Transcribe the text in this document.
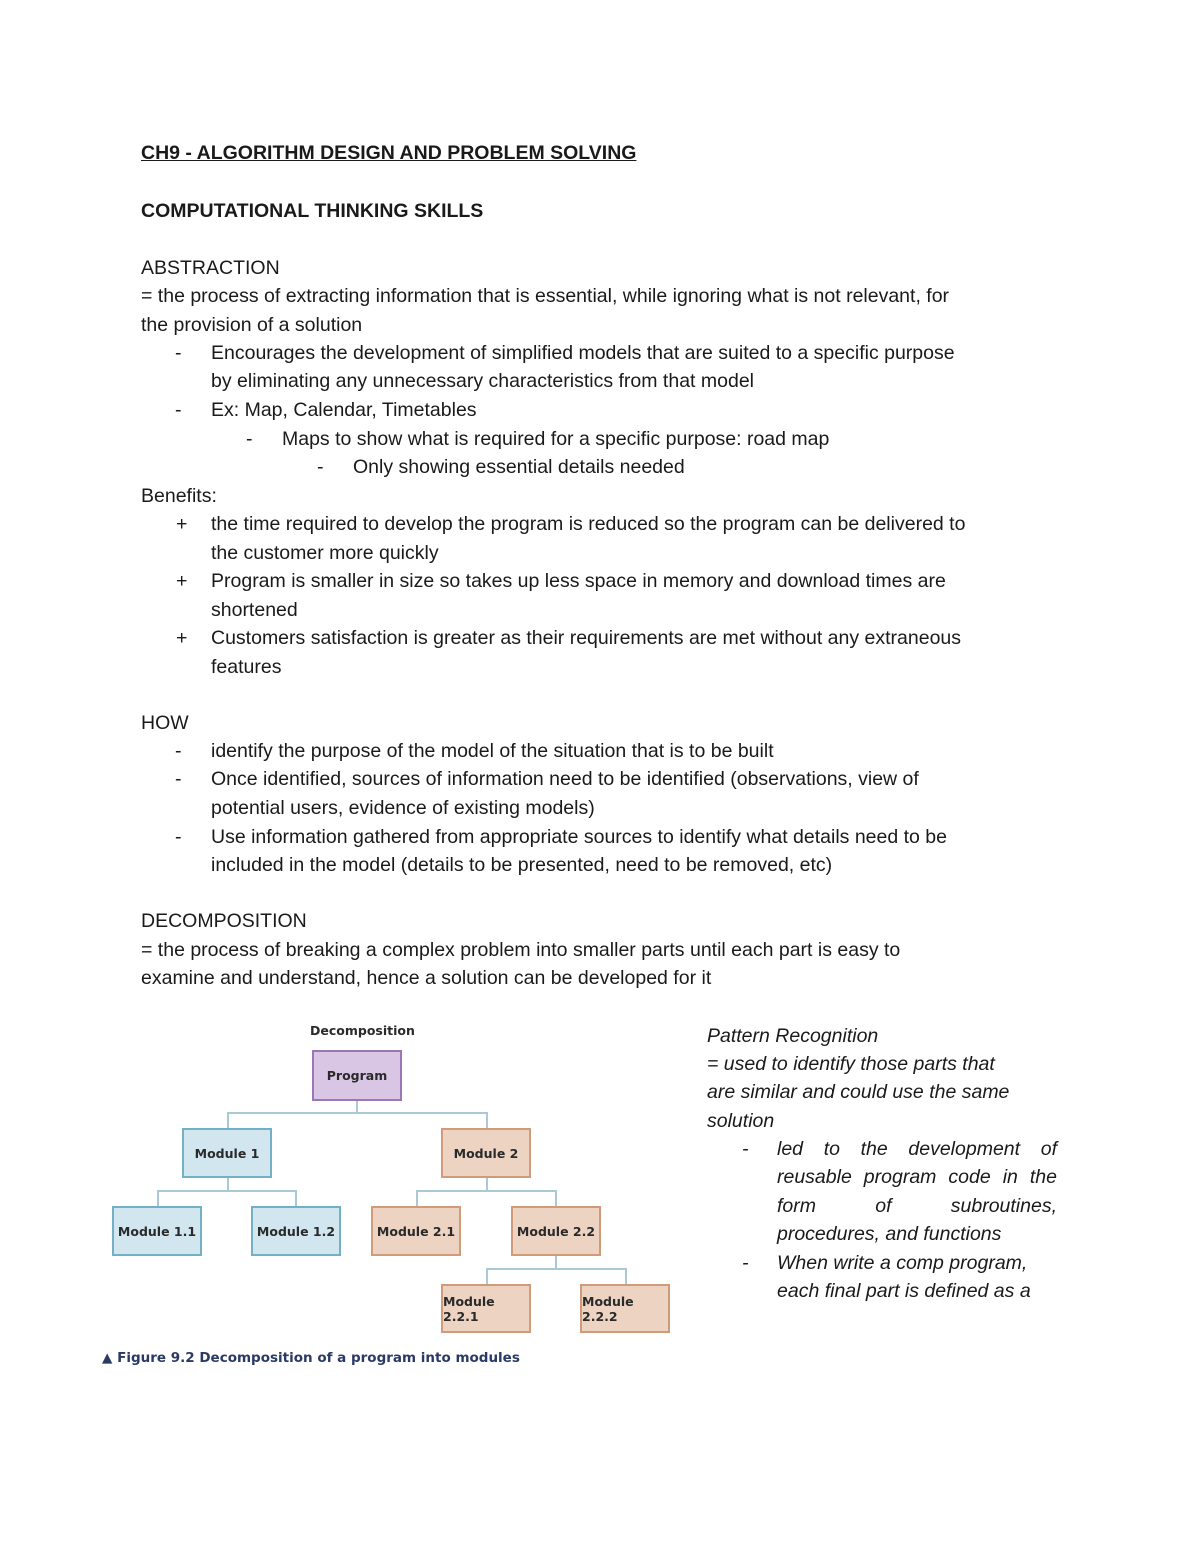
CH9 - ALGORITHM DESIGN AND PROBLEM SOLVING
COMPUTATIONAL THINKING SKILLS
ABSTRACTION
= the process of extracting information that is essential, while ignoring what is not relevant, for
the provision of a solution
- Encourages the development of simplified models that are suited to a specific purpose
by eliminating any unnecessary characteristics from that model
- Ex: Map, Calendar, Timetables
- Maps to show what is required for a specific purpose: road map
- Only showing essential details needed
Benefits:
+ the time required to develop the program is reduced so the program can be delivered to
the customer more quickly
+ Program is smaller in size so takes up less space in memory and download times are
shortened
+ Customers satisfaction is greater as their requirements are met without any extraneous
features
HOW
- identify the purpose of the model of the situation that is to be built
- Once identified, sources of information need to be identified (observations, view of
potential users, evidence of existing models)
- Use information gathered from appropriate sources to identify what details need to be
included in the model (details to be presented, need to be removed, etc)
DECOMPOSITION
= the process of breaking a complex problem into smaller parts until each part is easy to
examine and understand, hence a solution can be developed for it
Decomposition
Program
Module 1	Module 2
Module 1.1	Module 1.2	Module 2.1	Module 2.2
Module 2.2.1
Module 2.2.2
▲ Figure 9.2 Decomposition of a program into modules
Pattern Recognition
= used to identify those parts that
are similar and could use the same
solution
- led to the development of
reusable program code in the
form of subroutines,
procedures, and functions
- When write a comp program,
each final part is defined as a
